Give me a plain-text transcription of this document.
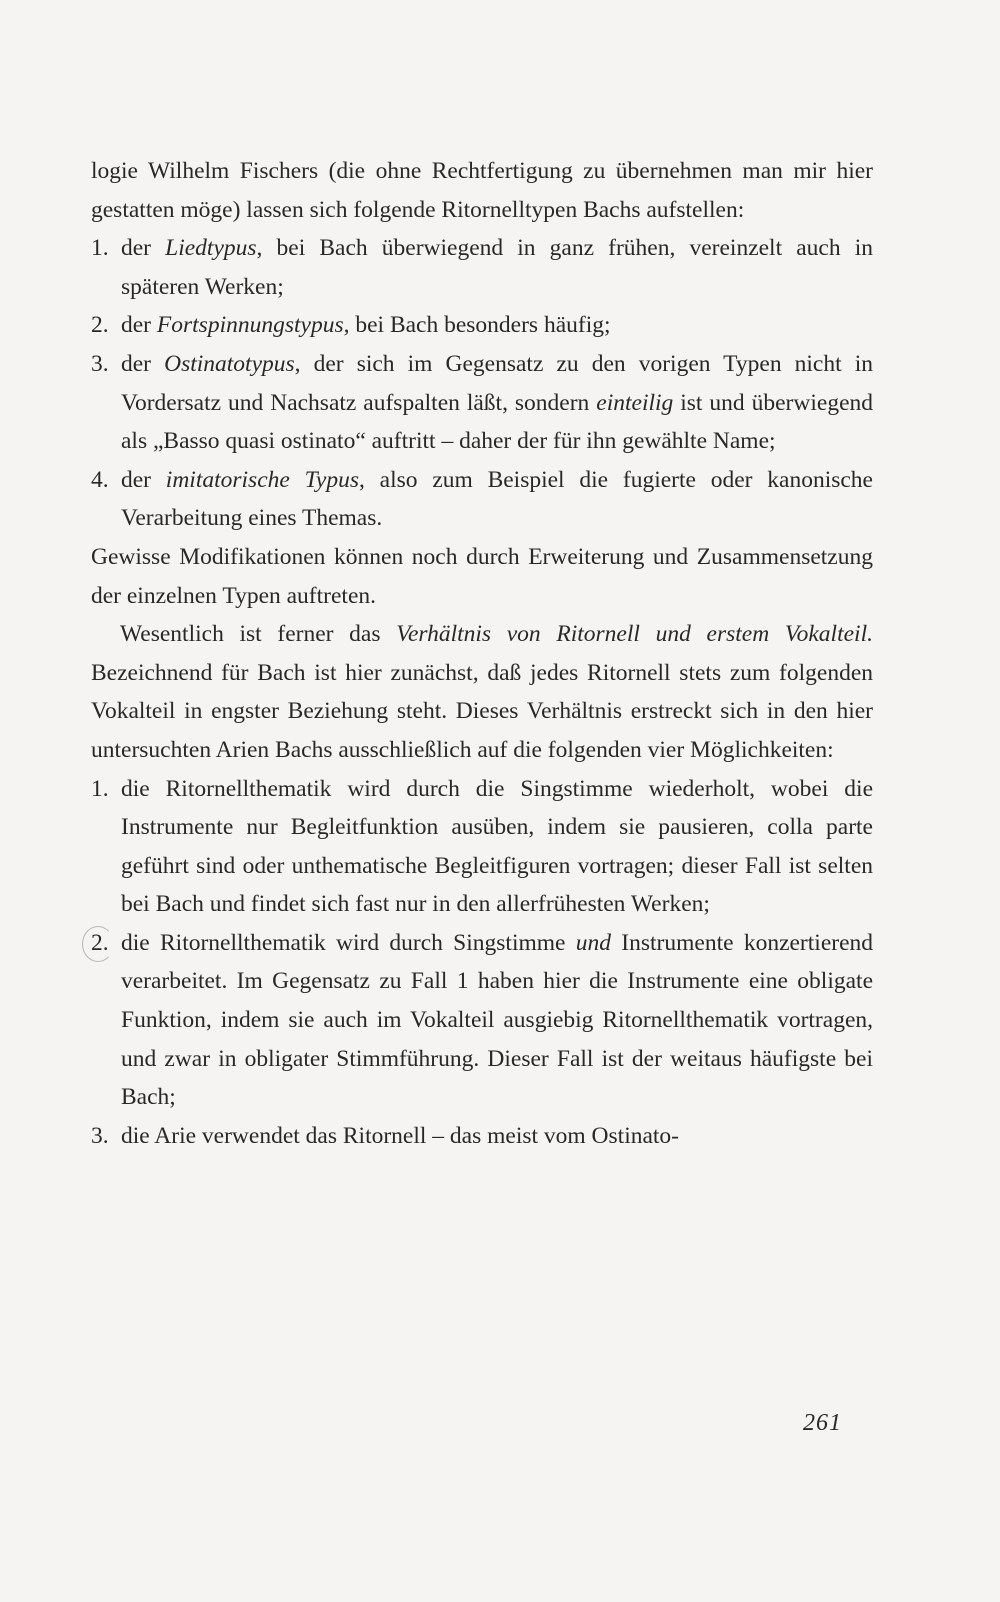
logie Wilhelm Fischers (die ohne Rechtfertigung zu übernehmen man mir hier gestatten möge) lassen sich folgende Ritornelltypen Bachs aufstellen:

1. der Liedtypus, bei Bach überwiegend in ganz frühen, vereinzelt auch in späteren Werken;

2. der Fortspinnungstypus, bei Bach besonders häufig;

3. der Ostinatotypus, der sich im Gegensatz zu den vorigen Typen nicht in Vordersatz und Nachsatz aufspalten läßt, sondern einteilig ist und überwiegend als „Basso quasi ostinato“ auftritt – daher der für ihn gewählte Name;

4. der imitatorische Typus, also zum Beispiel die fugierte oder kanonische Verarbeitung eines Themas.

Gewisse Modifikationen können noch durch Erweiterung und Zusammensetzung der einzelnen Typen auftreten.

Wesentlich ist ferner das Verhältnis von Ritornell und erstem Vokalteil. Bezeichnend für Bach ist hier zunächst, daß jedes Ritornell stets zum folgenden Vokalteil in engster Beziehung steht. Dieses Verhältnis erstreckt sich in den hier untersuchten Arien Bachs ausschließlich auf die folgenden vier Möglichkeiten:

1. die Ritornellthematik wird durch die Singstimme wiederholt, wobei die Instrumente nur Begleitfunktion ausüben, indem sie pausieren, colla parte geführt sind oder unthematische Begleitfiguren vortragen; dieser Fall ist selten bei Bach und findet sich fast nur in den allerfrühesten Werken;

2. die Ritornellthematik wird durch Singstimme und Instrumente konzertierend verarbeitet. Im Gegensatz zu Fall 1 haben hier die Instrumente eine obligate Funktion, indem sie auch im Vokalteil ausgiebig Ritornellthematik vortragen, und zwar in obligater Stimmführung. Dieser Fall ist der weitaus häufigste bei Bach;

3. die Arie verwendet das Ritornell – das meist vom Ostinato-

261
